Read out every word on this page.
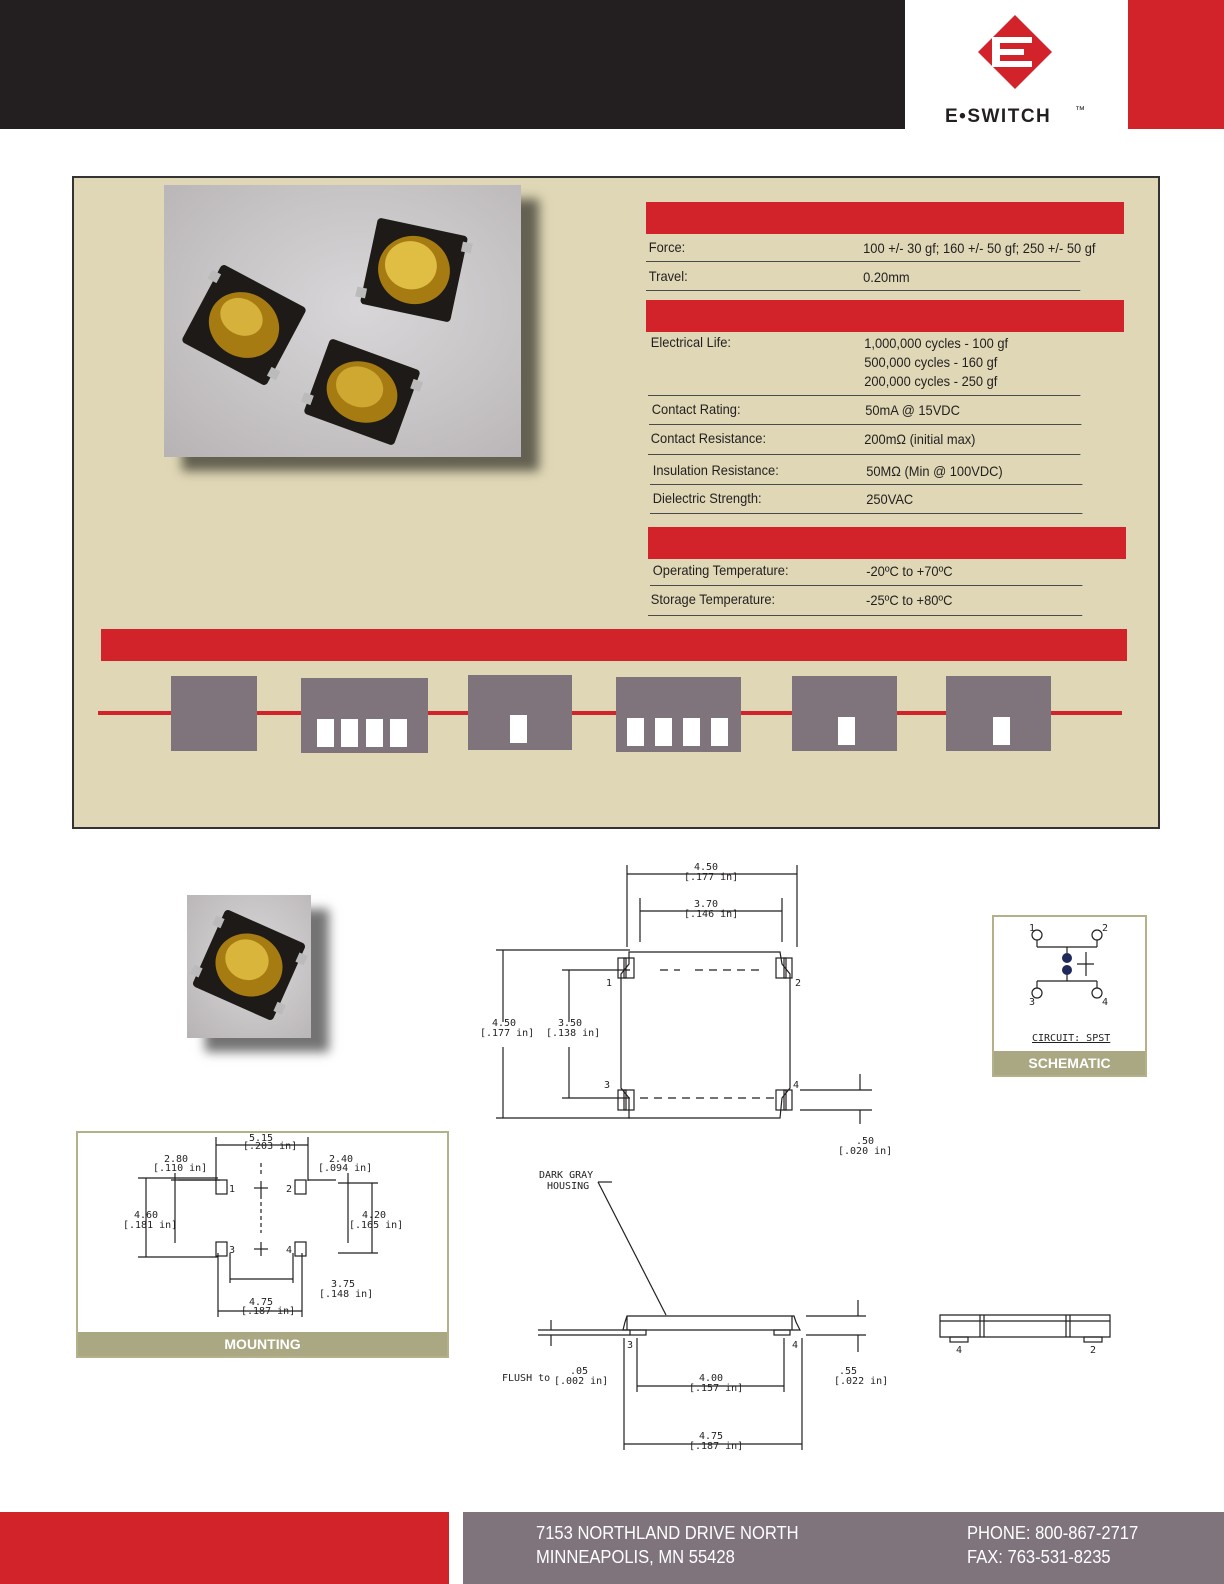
E•SWITCH ™
Force:	100 +/- 30 gf; 160 +/- 50 gf; 250 +/- 50 gf
Travel:	0.20mm
Electrical Life:	1,000,000 cycles - 100 gf
500,000 cycles - 160 gf
200,000 cycles - 250 gf
Contact Rating:	50mA @ 15VDC
Contact Resistance:	200mΩ (initial max)
Insulation Resistance:	50MΩ (Min @ 100VDC)
Dielectric Strength:	250VAC
Operating Temperature:	-20ºC to +70ºC
Storage Temperature:	-25ºC to +80ºC
1	2
3	4
CIRCUIT: SPST
SCHEMATIC
5.15
[.203 in]
2.80
[.110 in]
2.40
[.094 in]
4.60
[.181 in]
4.20
[.165 in]
3.75
[.148 in]
4.75
[.187 in]
1	2
3	4
MOUNTING
4.50
[.177 in]
3.70
[.146 in]
4.50
[.177 in]
3.50
[.138 in]
.50
[.020 in]
1	2
3	4
DARK GRAY
HOUSING
FLUSH to
.05
[.002 in]
.55
[.022 in]
4.00
[.157 in]
4.75
[.187 in]
3	4	4	2
7153 NORTHLAND DRIVE NORTH
MINNEAPOLIS, MN 55428
PHONE: 800-867-2717
FAX: 763-531-8235
